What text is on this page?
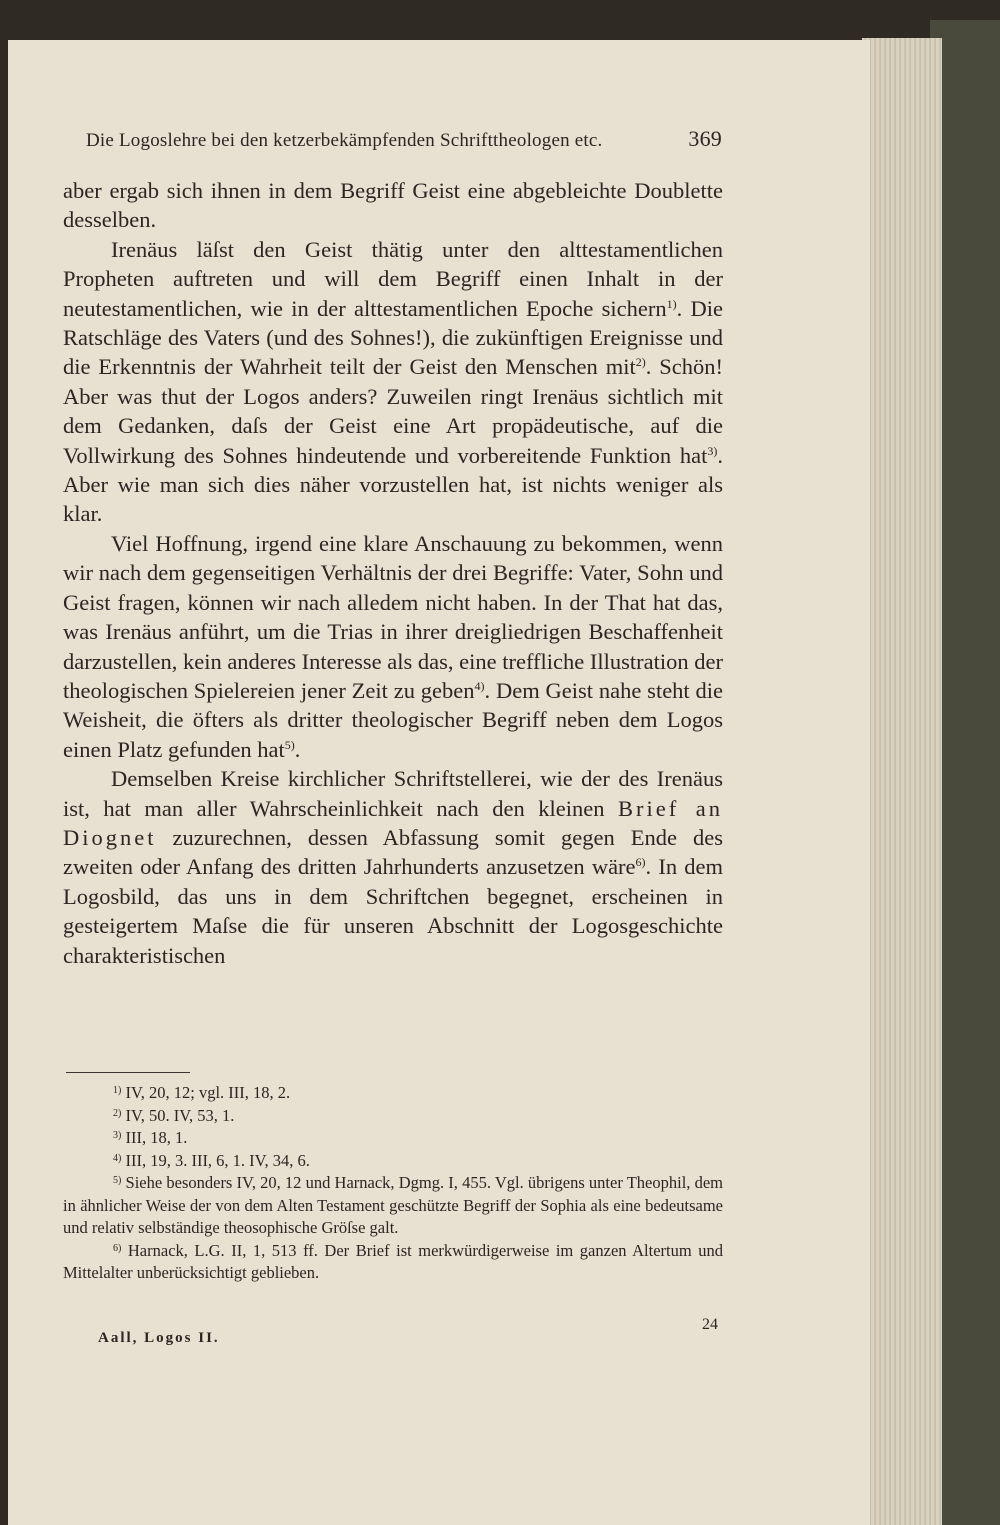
Die Logoslehre bei den ketzerbekämpfenden Schrifttheologen etc.	369

aber ergab sich ihnen in dem Begriff Geist eine abgebleichte Doublette desselben.

Irenäus läſst den Geist thätig unter den alttestamentlichen Propheten auftreten und will dem Begriff einen Inhalt in der neutestamentlichen, wie in der alttestamentlichen Epoche sichern$^{1)}$. Die Ratschläge des Vaters (und des Sohnes!), die zukünftigen Ereignisse und die Erkenntnis der Wahrheit teilt der Geist den Menschen mit$^{2)}$. Schön! Aber was thut der Logos anders? Zuweilen ringt Irenäus sichtlich mit dem Gedanken, daſs der Geist eine Art propädeutische, auf die Vollwirkung des Sohnes hindeutende und vorbereitende Funktion hat$^{3)}$. Aber wie man sich dies näher vorzustellen hat, ist nichts weniger als klar.

Viel Hoffnung, irgend eine klare Anschauung zu bekommen, wenn wir nach dem gegenseitigen Verhältnis der drei Begriffe: Vater, Sohn und Geist fragen, können wir nach alledem nicht haben. In der That hat das, was Irenäus anführt, um die Trias in ihrer dreigliedrigen Beschaffenheit darzustellen, kein anderes Interesse als das, eine treffliche Illustration der theologischen Spielereien jener Zeit zu geben$^{4)}$. Dem Geist nahe steht die Weisheit, die öfters als dritter theologischer Begriff neben dem Logos einen Platz gefunden hat$^{5)}$.

Demselben Kreise kirchlicher Schriftstellerei, wie der des Irenäus ist, hat man aller Wahrscheinlichkeit nach den kleinen Brief an Diognet zuzurechnen, dessen Abfassung somit gegen Ende des zweiten oder Anfang des dritten Jahrhunderts anzusetzen wäre$^{6)}$. In dem Logosbild, das uns in dem Schriftchen begegnet, erscheinen in gesteigertem Maſse die für unseren Abschnitt der Logosgeschichte charakteristischen

$^{1)}$ IV, 20, 12; vgl. III, 18, 2.

$^{2)}$ IV, 50. IV, 53, 1.

$^{3)}$ III, 18, 1.

$^{4)}$ III, 19, 3. III, 6, 1. IV, 34, 6.

$^{5)}$ Siehe besonders IV, 20, 12 und Harnack, Dgmg. I, 455. Vgl. übrigens unter Theophil, dem in ähnlicher Weise der von dem Alten Testament geschützte Begriff der Sophia als eine bedeutsame und relativ selbständige theosophische Gröſse galt.

$^{6)}$ Harnack, L.G. II, 1, 513 ff. Der Brief ist merkwürdigerweise im ganzen Altertum und Mittelalter unberücksichtigt geblieben.

Aall, Logos II.
24
